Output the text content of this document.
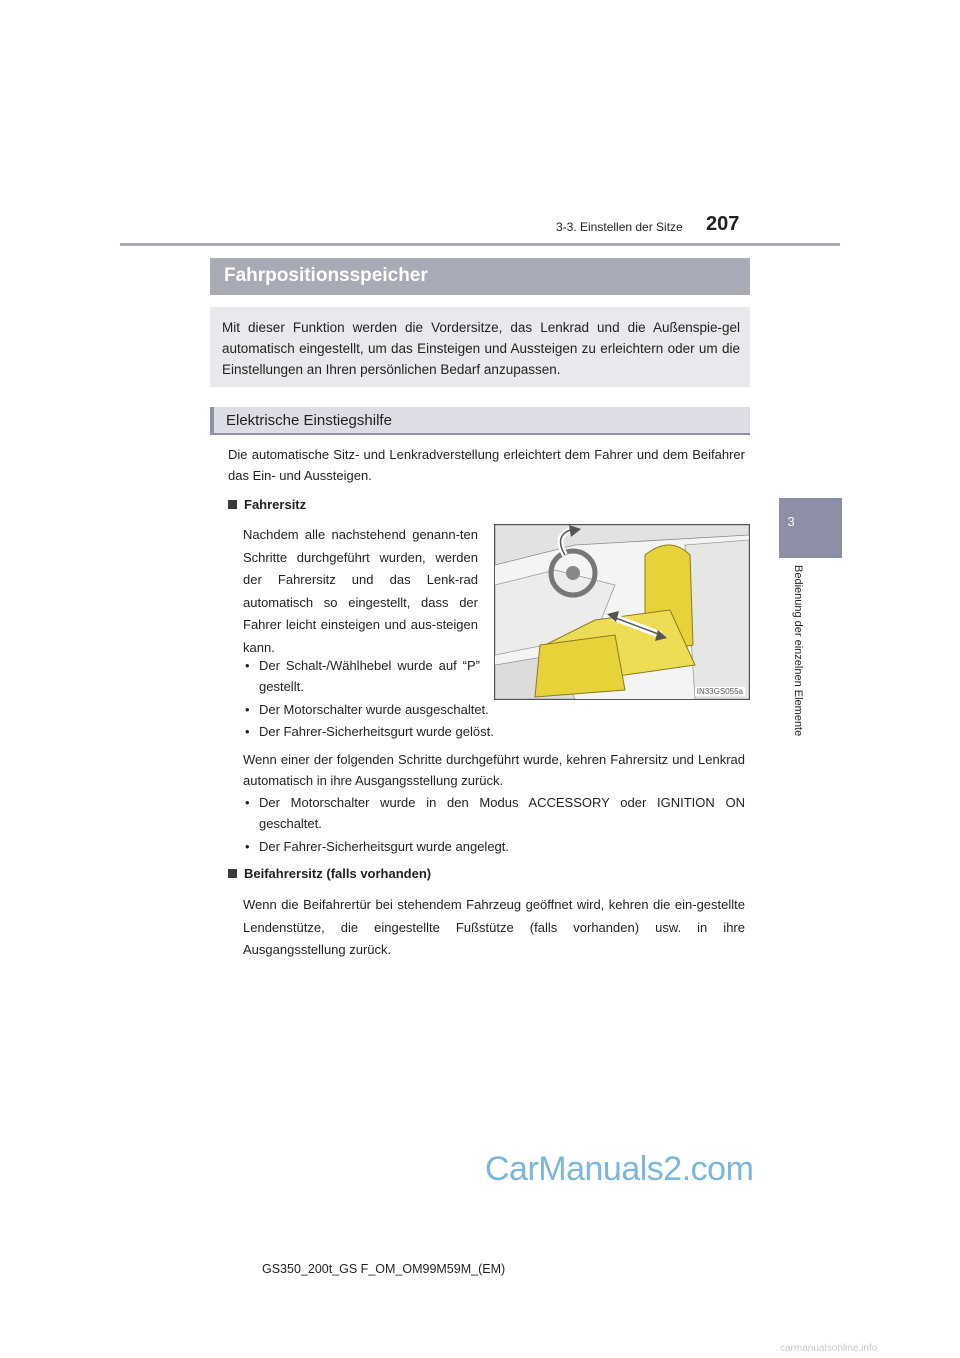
3-3. Einstellen der Sitze 207
3
Bedienung der einzelnen Elemente
Fahrpositionsspeicher
Mit dieser Funktion werden die Vordersitze, das Lenkrad und die Außenspie-gel automatisch eingestellt, um das Einsteigen und Aussteigen zu erleichtern oder um die Einstellungen an Ihren persönlichen Bedarf anzupassen.
Elektrische Einstiegshilfe
Die automatische Sitz- und Lenkradverstellung erleichtert dem Fahrer und dem Beifahrer das Ein- und Aussteigen.
Fahrersitz
Nachdem alle nachstehend genann-ten Schritte durchgeführt wurden, werden der Fahrersitz und das Lenk-rad automatisch so eingestellt, dass der Fahrer leicht einsteigen und aus-steigen kann.
• Der Schalt-/Wählhebel wurde auf “P” gestellt.
• Der Motorschalter wurde ausgeschaltet.
• Der Fahrer-Sicherheitsgurt wurde gelöst.
Wenn einer der folgenden Schritte durchgeführt wurde, kehren Fahrersitz und Lenkrad automatisch in ihre Ausgangsstellung zurück.
• Der Motorschalter wurde in den Modus ACCESSORY oder IGNITION ON geschaltet.
• Der Fahrer-Sicherheitsgurt wurde angelegt.
Beifahrersitz (falls vorhanden)
Wenn die Beifahrertür bei stehendem Fahrzeug geöffnet wird, kehren die ein-gestellte Lendenstütze, die eingestellte Fußstütze (falls vorhanden) usw. in ihre Ausgangsstellung zurück.
IN33GS055a
GS350_200t_GS F_OM_OM99M59M_(EM)
CarManuals2.com
carmanualsonline.info
